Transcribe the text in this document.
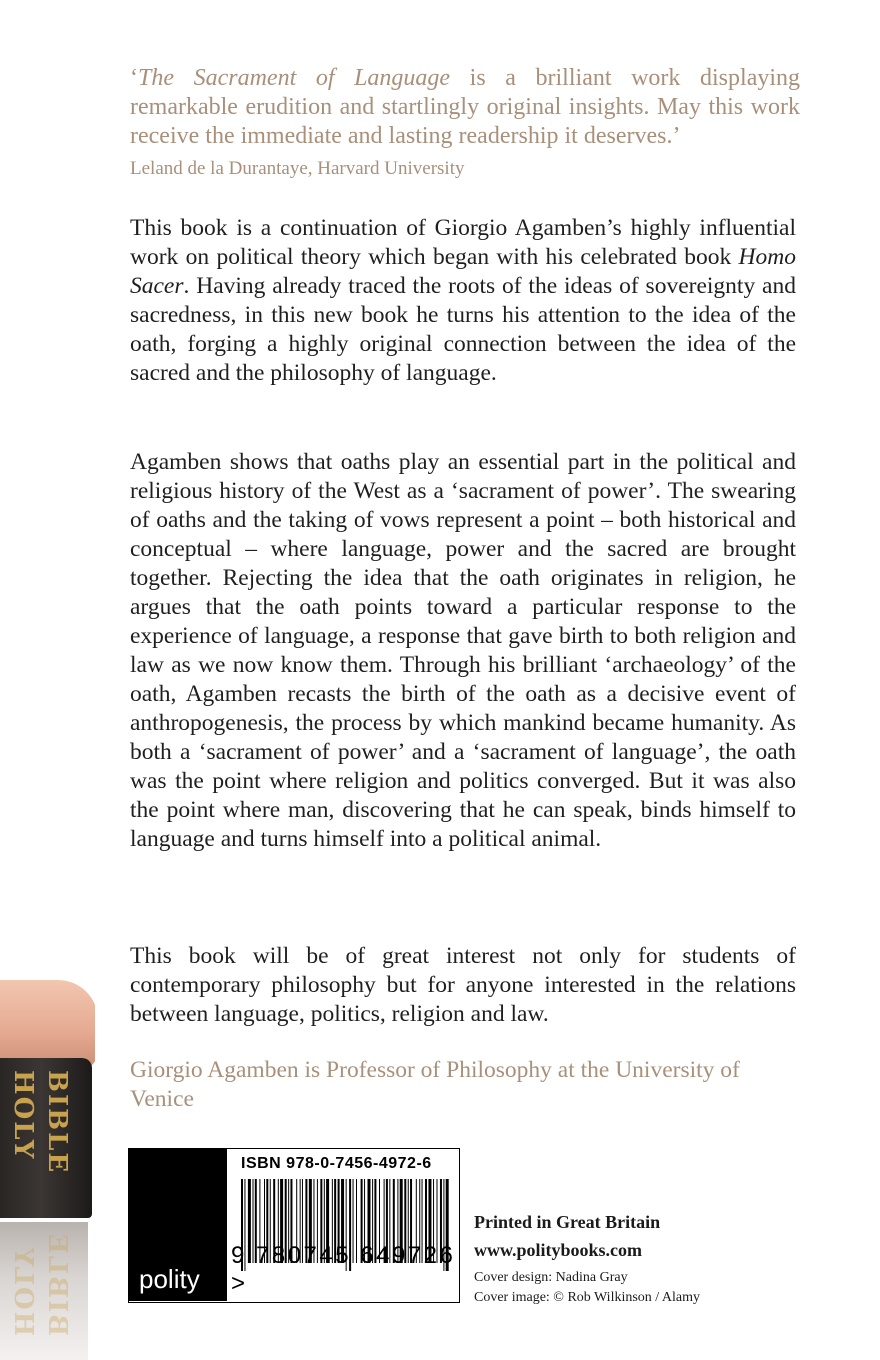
‘The Sacrament of Language is a brilliant work displaying remarkable erudition and startlingly original insights. May this work receive the immediate and lasting readership it deserves.’
Leland de la Durantaye, Harvard University

This book is a continuation of Giorgio Agamben’s highly influential work on political theory which began with his celebrated book Homo Sacer. Having already traced the roots of the ideas of sovereignty and sacredness, in this new book he turns his attention to the idea of the oath, forging a highly original connection between the idea of the sacred and the philosophy of language.

Agamben shows that oaths play an essential part in the political and religious history of the West as a ‘sacrament of power’. The swearing of oaths and the taking of vows represent a point – both historical and conceptual – where language, power and the sacred are brought together. Rejecting the idea that the oath originates in religion, he argues that the oath points toward a particular response to the experience of language, a response that gave birth to both religion and law as we now know them. Through his brilliant ‘archaeology’ of the oath, Agamben recasts the birth of the oath as a decisive event of anthropogenesis, the process by which mankind became humanity. As both a ‘sacrament of power’ and a ‘sacrament of language’, the oath was the point where religion and politics converged. But it was also the point where man, discovering that he can speak, binds himself to language and turns himself into a political animal.

This book will be of great interest not only for students of contemporary philosophy but for anyone interested in the relations between language, politics, religion and law.

Giorgio Agamben is Professor of Philosophy at the University of Venice

HOLY BIBLE
HOLY BIBLE	polity
ISBN 978-0-7456-4972-6
9 780745 649726 >
Printed in Great Britain
www.politybooks.com
Cover design: Nadina Gray
Cover image: © Rob Wilkinson / Alamy
